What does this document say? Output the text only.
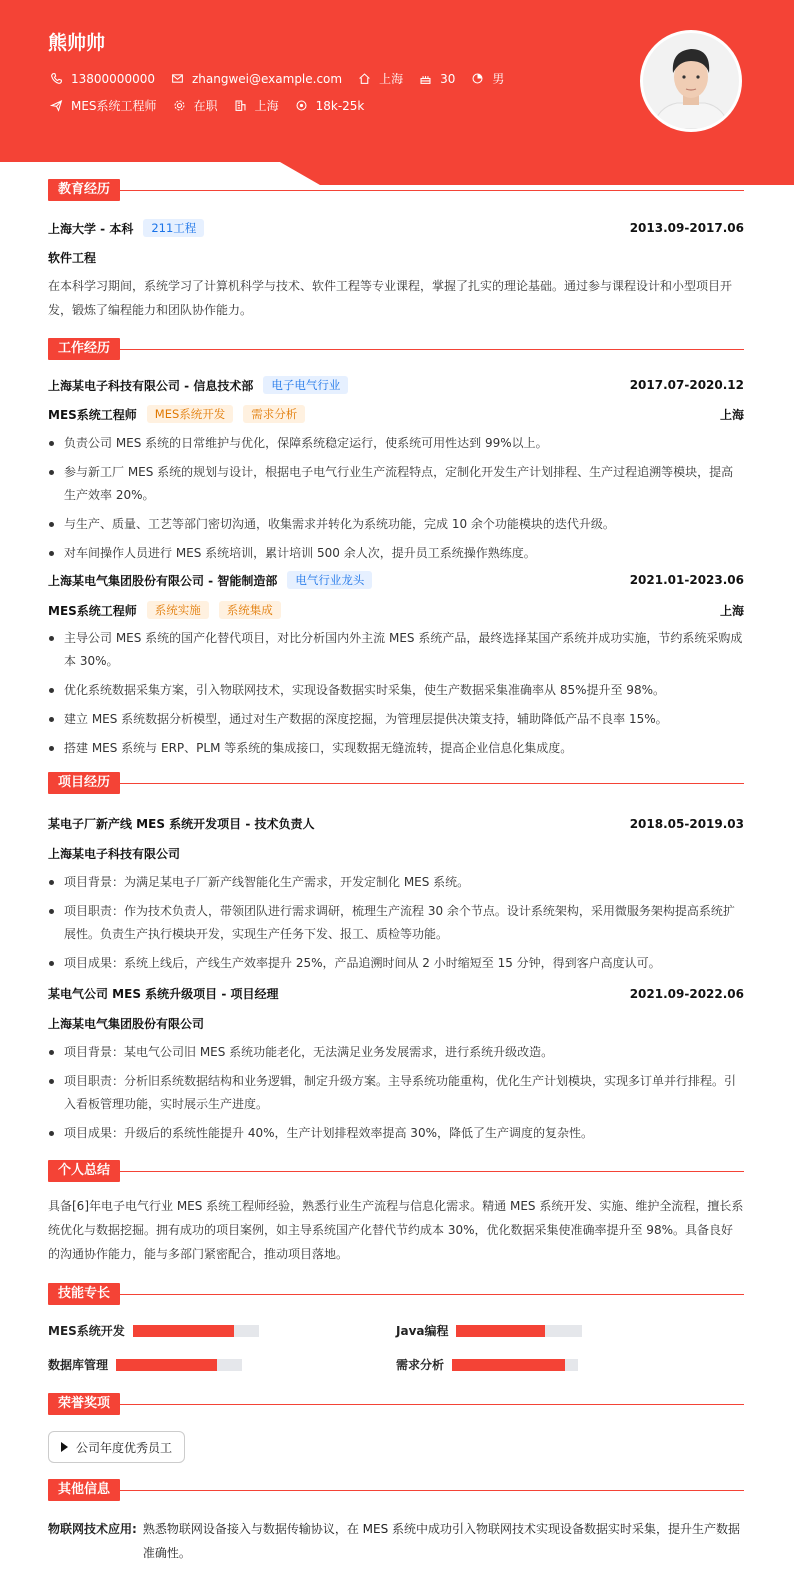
熊帅帅
13800000000	zhangwei@example.com	上海	30	男
MES系统工程师	在职	上海	18k-25k
教育经历
上海大学 - 本科	211工程	2013.09-2017.06
软件工程
在本科学习期间，系统学习了计算机科学与技术、软件工程等专业课程，掌握了扎实的理论基础。通过参与课程设计和小型项目开发，锻炼了编程能力和团队协作能力。
工作经历
上海某电子科技有限公司 - 信息技术部	电子电气行业	2017.07-2020.12
MES系统工程师	MES系统开发	需求分析	上海
负责公司 MES 系统的日常维护与优化，保障系统稳定运行，使系统可用性达到 99%以上。
参与新工厂 MES 系统的规划与设计，根据电子电气行业生产流程特点，定制化开发生产计划排程、生产过程追溯等模块，提高生产效率 20%。
与生产、质量、工艺等部门密切沟通，收集需求并转化为系统功能，完成 10 余个功能模块的迭代升级。
对车间操作人员进行 MES 系统培训，累计培训 500 余人次，提升员工系统操作熟练度。
上海某电气集团股份有限公司 - 智能制造部	电气行业龙头	2021.01-2023.06
MES系统工程师	系统实施	系统集成	上海
主导公司 MES 系统的国产化替代项目，对比分析国内外主流 MES 系统产品，最终选择某国产系统并成功实施，节约系统采购成本 30%。
优化系统数据采集方案，引入物联网技术，实现设备数据实时采集，使生产数据采集准确率从 85%提升至 98%。
建立 MES 系统数据分析模型，通过对生产数据的深度挖掘，为管理层提供决策支持，辅助降低产品不良率 15%。
搭建 MES 系统与 ERP、PLM 等系统的集成接口，实现数据无缝流转，提高企业信息化集成度。
项目经历
某电子厂新产线 MES 系统开发项目 - 技术负责人	2018.05-2019.03
上海某电子科技有限公司
项目背景：为满足某电子厂新产线智能化生产需求，开发定制化 MES 系统。
项目职责：作为技术负责人，带领团队进行需求调研，梳理生产流程 30 余个节点。设计系统架构，采用微服务架构提高系统扩展性。负责生产执行模块开发，实现生产任务下发、报工、质检等功能。
项目成果：系统上线后，产线生产效率提升 25%，产品追溯时间从 2 小时缩短至 15 分钟，得到客户高度认可。
某电气公司 MES 系统升级项目 - 项目经理	2021.09-2022.06
上海某电气集团股份有限公司
项目背景：某电气公司旧 MES 系统功能老化，无法满足业务发展需求，进行系统升级改造。
项目职责：分析旧系统数据结构和业务逻辑，制定升级方案。主导系统功能重构，优化生产计划模块，实现多订单并行排程。引入看板管理功能，实时展示生产进度。
项目成果：升级后的系统性能提升 40%，生产计划排程效率提高 30%，降低了生产调度的复杂性。
个人总结
具备[6]年电子电气行业 MES 系统工程师经验，熟悉行业生产流程与信息化需求。精通 MES 系统开发、实施、维护全流程，擅长系统优化与数据挖掘。拥有成功的项目案例，如主导系统国产化替代节约成本 30%，优化数据采集使准确率提升至 98%。具备良好的沟通协作能力，能与多部门紧密配合，推动项目落地。
技能专长
MES系统开发	Java编程
数据库管理	需求分析
荣誉奖项
公司年度优秀员工
其他信息
物联网技术应用: 熟悉物联网设备接入与数据传输协议，在 MES 系统中成功引入物联网技术实现设备数据实时采集，提升生产数据准确性。
